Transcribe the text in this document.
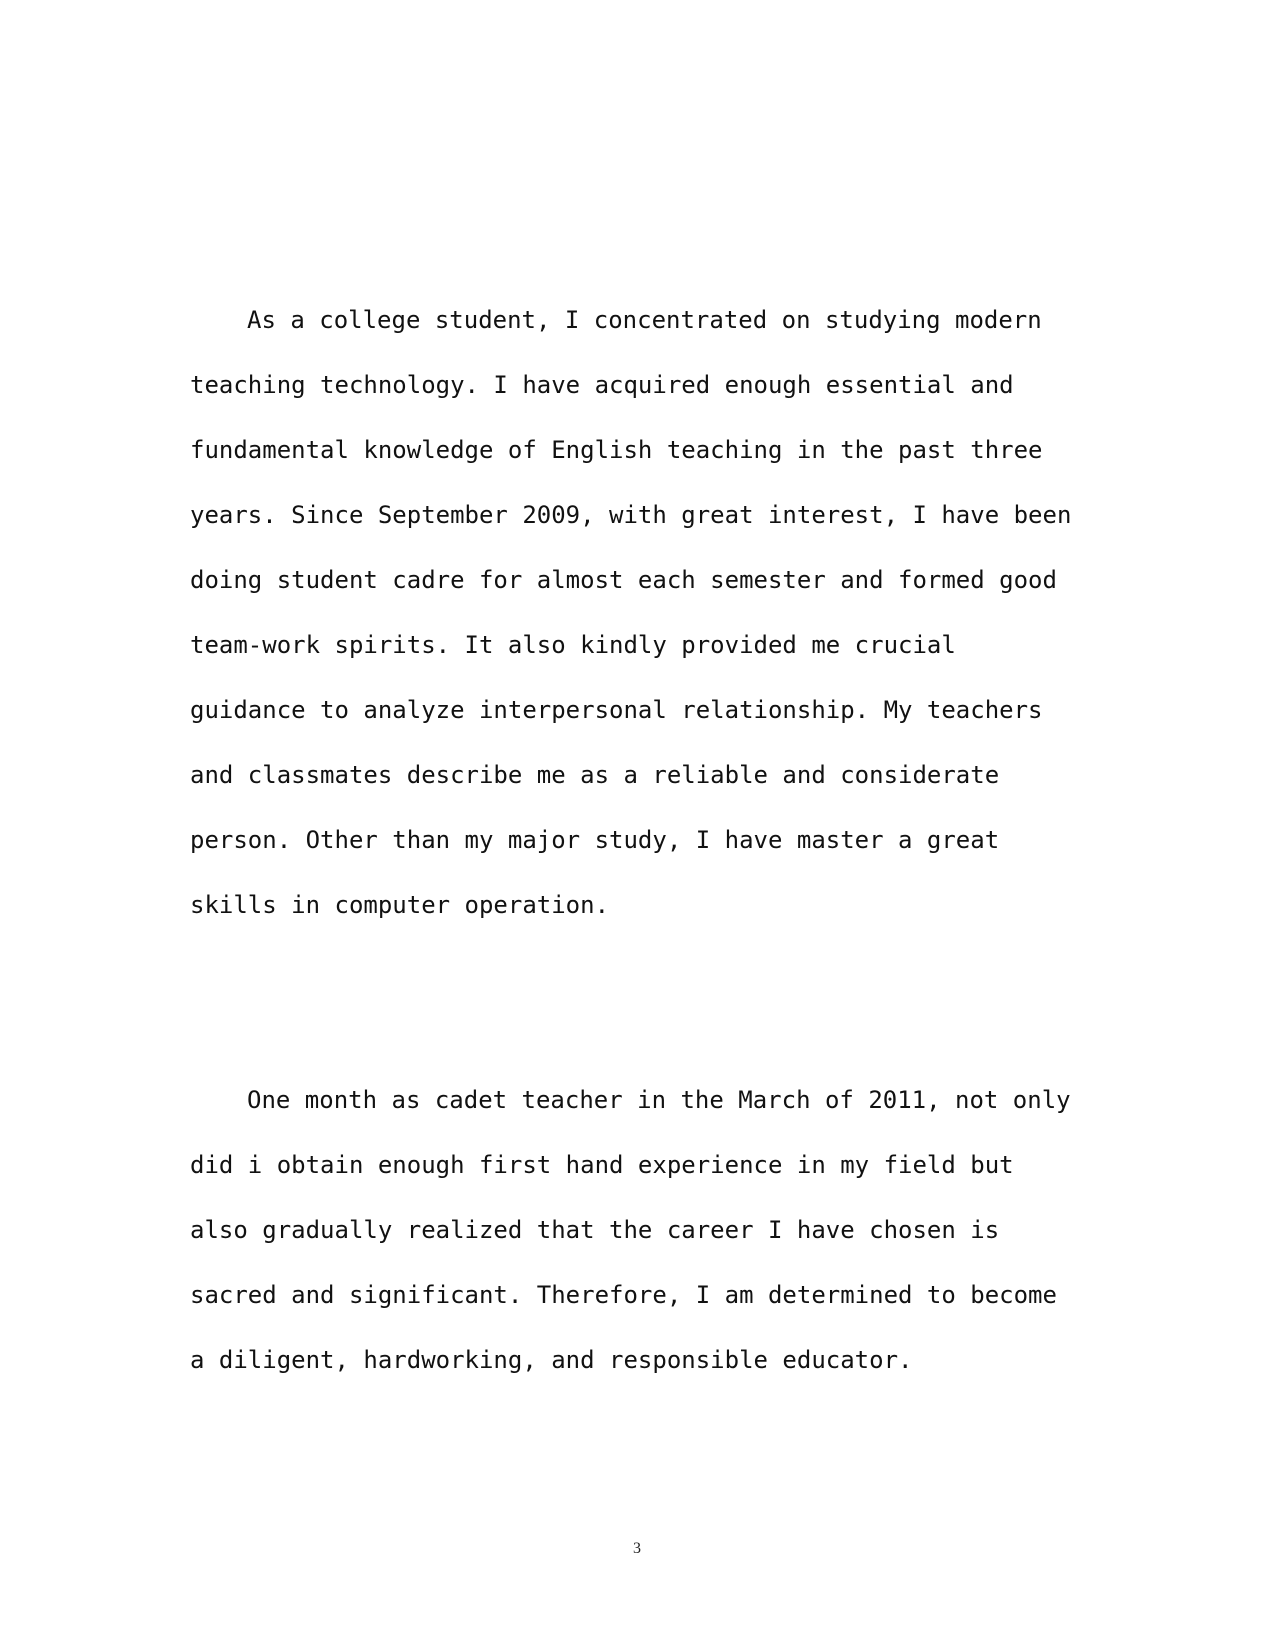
As a college student, I concentrated on studying modern
teaching technology. I have acquired enough essential and
fundamental knowledge of English teaching in the past three
years. Since September 2009, with great interest, I have been
doing student cadre for almost each semester and formed good
team-work spirits. It also kindly provided me crucial
guidance to analyze interpersonal relationship. My teachers
and classmates describe me as a reliable and considerate
person. Other than my major study, I have master a great
skills in computer operation.
One month as cadet teacher in the March of 2011, not only
did i obtain enough first hand experience in my field but
also gradually realized that the career I have chosen is
sacred and significant. Therefore, I am determined to become
a diligent, hardworking, and responsible educator.
3
